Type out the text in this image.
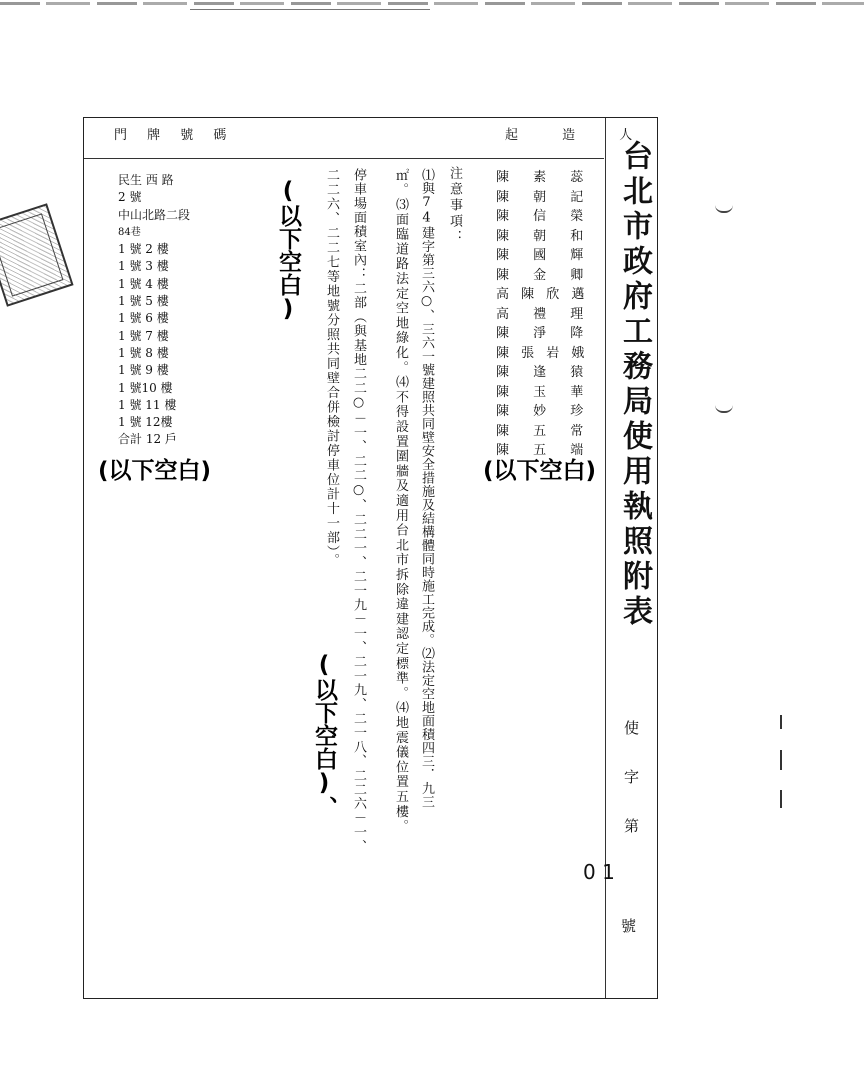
門 牌 號 碼	起 造 人
民生 西 路
2 號
中山北路二段
84巷
1 號 2 樓
1 號 3 樓
1 號 4 樓
1 號 5 樓
1 號 6 樓
1 號 7 樓
1 號 8 樓
1 號 9 樓
1 號10 樓
1 號 11 樓
1 號 12樓
合計 12 戶
(以下空白)	(以下空白)
(以下空白)
(以下空白)、
陳 素 蕊
陳 朝 記
陳 信 榮
陳 朝 和
陳 國 輝
陳 金 卿
高 陳 欣 邁
高 禮 理
陳 淨 降
陳 張 岩 娥
陳 逢 猿
陳 玉 華
陳 妙 珍
陳 五 常
陳 五 端
注意事項：
⑴與74建字第三六○、三六一號建照共同壁安全措施及結構體同時施工完成。⑵法定空地面積四三．九三
㎡。⑶面臨道路法定空地綠化。⑷不得設置圍牆及適用台北市拆除違建認定標準。⑷地震儀位置五樓。
停車場面積室內：二部（與基地二二○－一、二二○、二二一、二一九－一、二一九、二一八、二二六－一、
二二六、二二七等地號分照共同壁合併檢討停車位計十一部）。	台北市政府工務局使用執照附表
使 字 第
0 1
號
